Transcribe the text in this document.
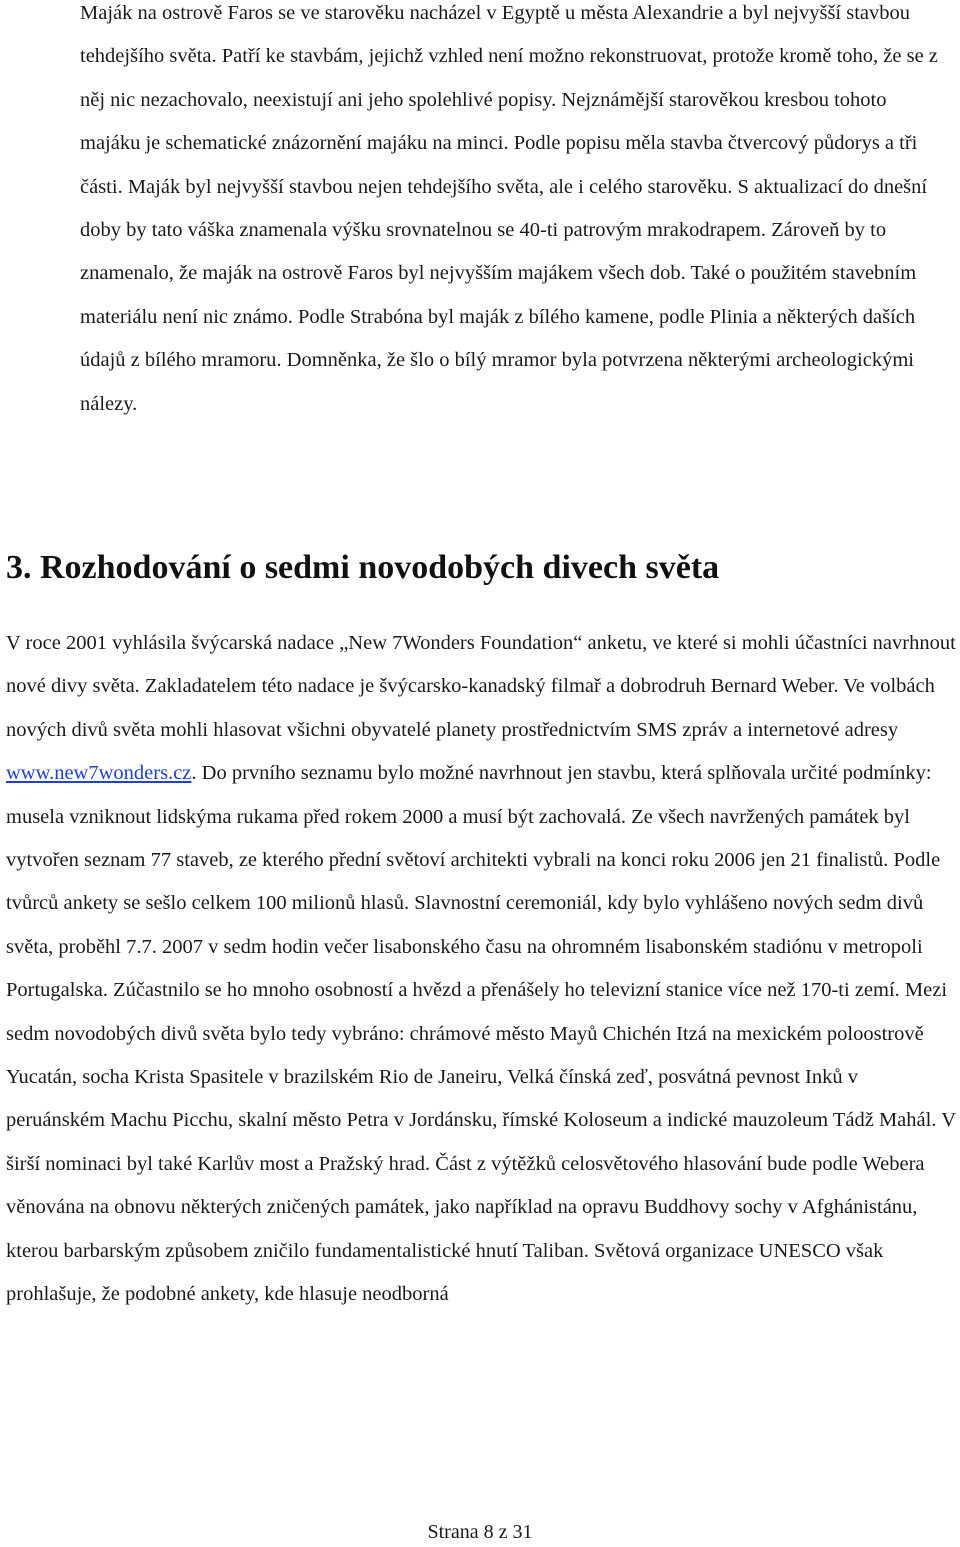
Maják na ostrově Faros se ve starověku nacházel v Egyptě u města Alexandrie a byl nejvyšší stavbou tehdejšího světa. Patří ke stavbám, jejichž vzhled není možno rekonstruovat, protože kromě toho, že se z něj nic nezachovalo, neexistují ani jeho spolehlivé popisy. Nejznámější starověkou kresbou tohoto majáku je schematické znázornění majáku na minci. Podle popisu měla stavba čtvercový půdorys a tři části. Maják byl nejvyšší stavbou nejen tehdejšího světa, ale i celého starověku. S aktualizací do dnešní doby by tato váška znamenala výšku srovnatelnou se 40-ti patrovým mrakodrapem. Zároveň by to znamenalo, že maják na ostrově Faros byl nejvyšším majákem všech dob. Také o použitém stavebním materiálu není nic známo. Podle Strabóna byl maják z bílého kamene, podle Plinia a některých daších údajů z bílého mramoru. Domněnka, že šlo o bílý mramor byla potvrzena některými archeologickými nálezy.

3. Rozhodování o sedmi novodobých divech světa

V roce 2001 vyhlásila švýcarská nadace „New 7Wonders Foundation“ anketu, ve které si mohli účastníci navrhnout nové divy světa. Zakladatelem této nadace je švýcarsko-kanadský filmař a dobrodruh Bernard Weber. Ve volbách nových divů světa mohli hlasovat všichni obyvatelé planety prostřednictvím SMS zpráv a internetové adresy www.new7wonders.cz. Do prvního seznamu bylo možné navrhnout jen stavbu, která splňovala určité podmínky: musela vzniknout lidskýma rukama před rokem 2000 a musí být zachovalá. Ze všech navržených památek byl vytvořen seznam 77 staveb, ze kterého přední světoví architekti vybrali na konci roku 2006 jen 21 finalistů. Podle tvůrců ankety se sešlo celkem 100 milionů hlasů. Slavnostní ceremoniál, kdy bylo vyhlášeno nových sedm divů světa, proběhl 7.7. 2007 v sedm hodin večer lisabonského času na ohromném lisabonském stadiónu v metropoli Portugalska. Zúčastnilo se ho mnoho osobností a hvězd a přenášely ho televizní stanice více než 170-ti zemí. Mezi sedm novodobých divů světa bylo tedy vybráno: chrámové město Mayů Chichén Itzá na mexickém poloostrově Yucatán, socha Krista Spasitele v brazilském Rio de Janeiru, Velká čínská zeď, posvátná pevnost Inků v peruánském Machu Picchu, skalní město Petra v Jordánsku, římské Koloseum a indické mauzoleum Tádž Mahál. V širší nominaci byl také Karlův most a Pražský hrad. Část z výtěžků celosvětového hlasování bude podle Webera věnována na obnovu některých zničených památek, jako například na opravu Buddhovy sochy v Afghánistánu, kterou barbarským způsobem zničilo fundamentalistické hnutí Taliban. Světová organizace UNESCO však prohlašuje, že podobné ankety, kde hlasuje neodborná

Strana 8 z 31
